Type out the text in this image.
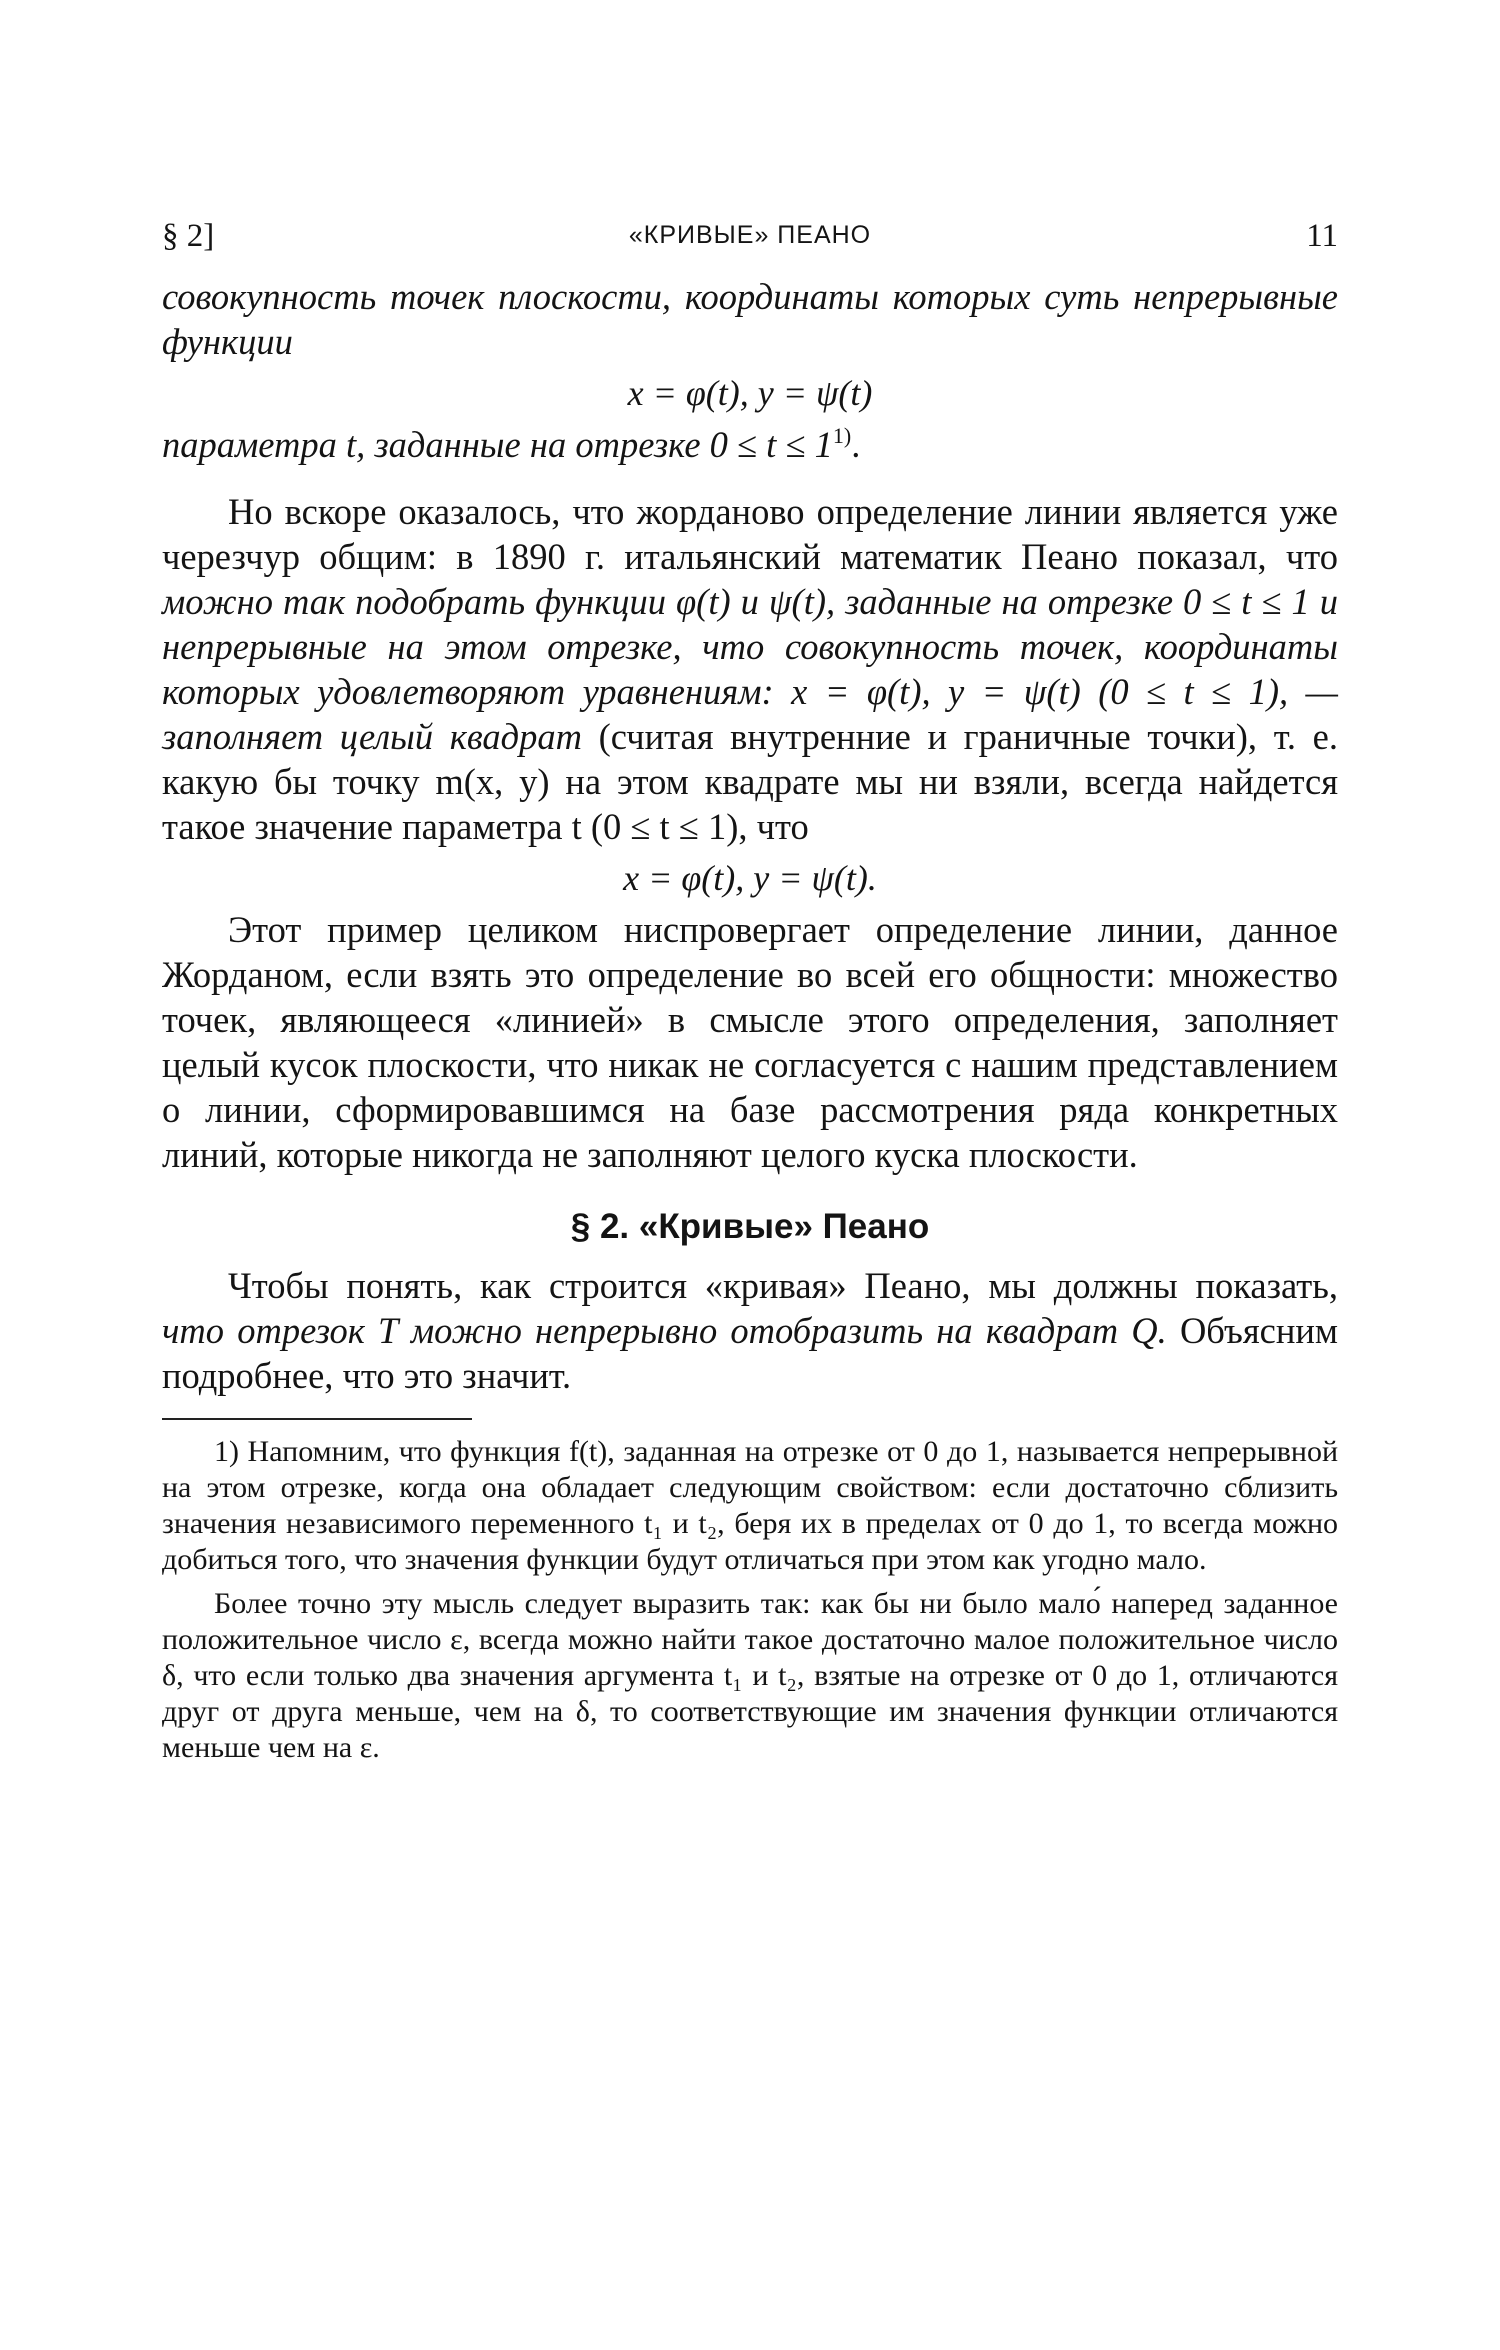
§ 2]	«КРИВЫЕ» ПЕАНО	11

совокупность точек плоскости, координаты которых суть непрерывные функции

x = φ(t), y = ψ(t)

параметра t, заданные на отрезке $0 \le t \le 1^{1)}$.

Но вскоре оказалось, что жорданово определение линии является уже черезчур общим: в 1890 г. итальянский математик Пеано показал, что можно так подобрать функции φ(t) и ψ(t), заданные на отрезке 0 ≤ t ≤ 1 и непрерывные на этом отрезке, что совокупность точек, координаты которых удовлетворяют уравнениям: x = φ(t), y = ψ(t) (0 ≤ t ≤ 1), — заполняет целый квадрат (считая внутренние и граничные точки), т. е. какую бы точку m(x, y) на этом квадрате мы ни взяли, всегда найдется такое значение параметра t (0 ≤ t ≤ 1), что

x = φ(t), y = ψ(t).

Этот пример целиком ниспровергает определение линии, данное Жорданом, если взять это определение во всей его общности: множество точек, являющееся «линией» в смысле этого определения, заполняет целый кусок плоскости, что никак не согласуется с нашим представлением о линии, сформировавшимся на базе рассмотрения ряда конкретных линий, которые никогда не заполняют целого куска плоскости.

§ 2. «Кривые» Пеано

Чтобы понять, как строится «кривая» Пеано, мы должны показать, что отрезок T можно непрерывно отобразить на квадрат Q. Объясним подробнее, что это значит.

1) Напомним, что функция f(t), заданная на отрезке от 0 до 1, называется непрерывной на этом отрезке, когда она обладает следующим свойством: если достаточно сблизить значения независимого переменного t₁ и t₂, беря их в пределах от 0 до 1, то всегда можно добиться того, что значения функции будут отличаться при этом как угодно мало.

Более точно эту мысль следует выразить так: как бы ни было мало́ наперед заданное положительное число ε, всегда можно найти такое достаточно малое положительное число δ, что если только два значения аргумента t₁ и t₂, взятые на отрезке от 0 до 1, отличаются друг от друга меньше, чем на δ, то соответствующие им значения функции отличаются меньше чем на ε.
